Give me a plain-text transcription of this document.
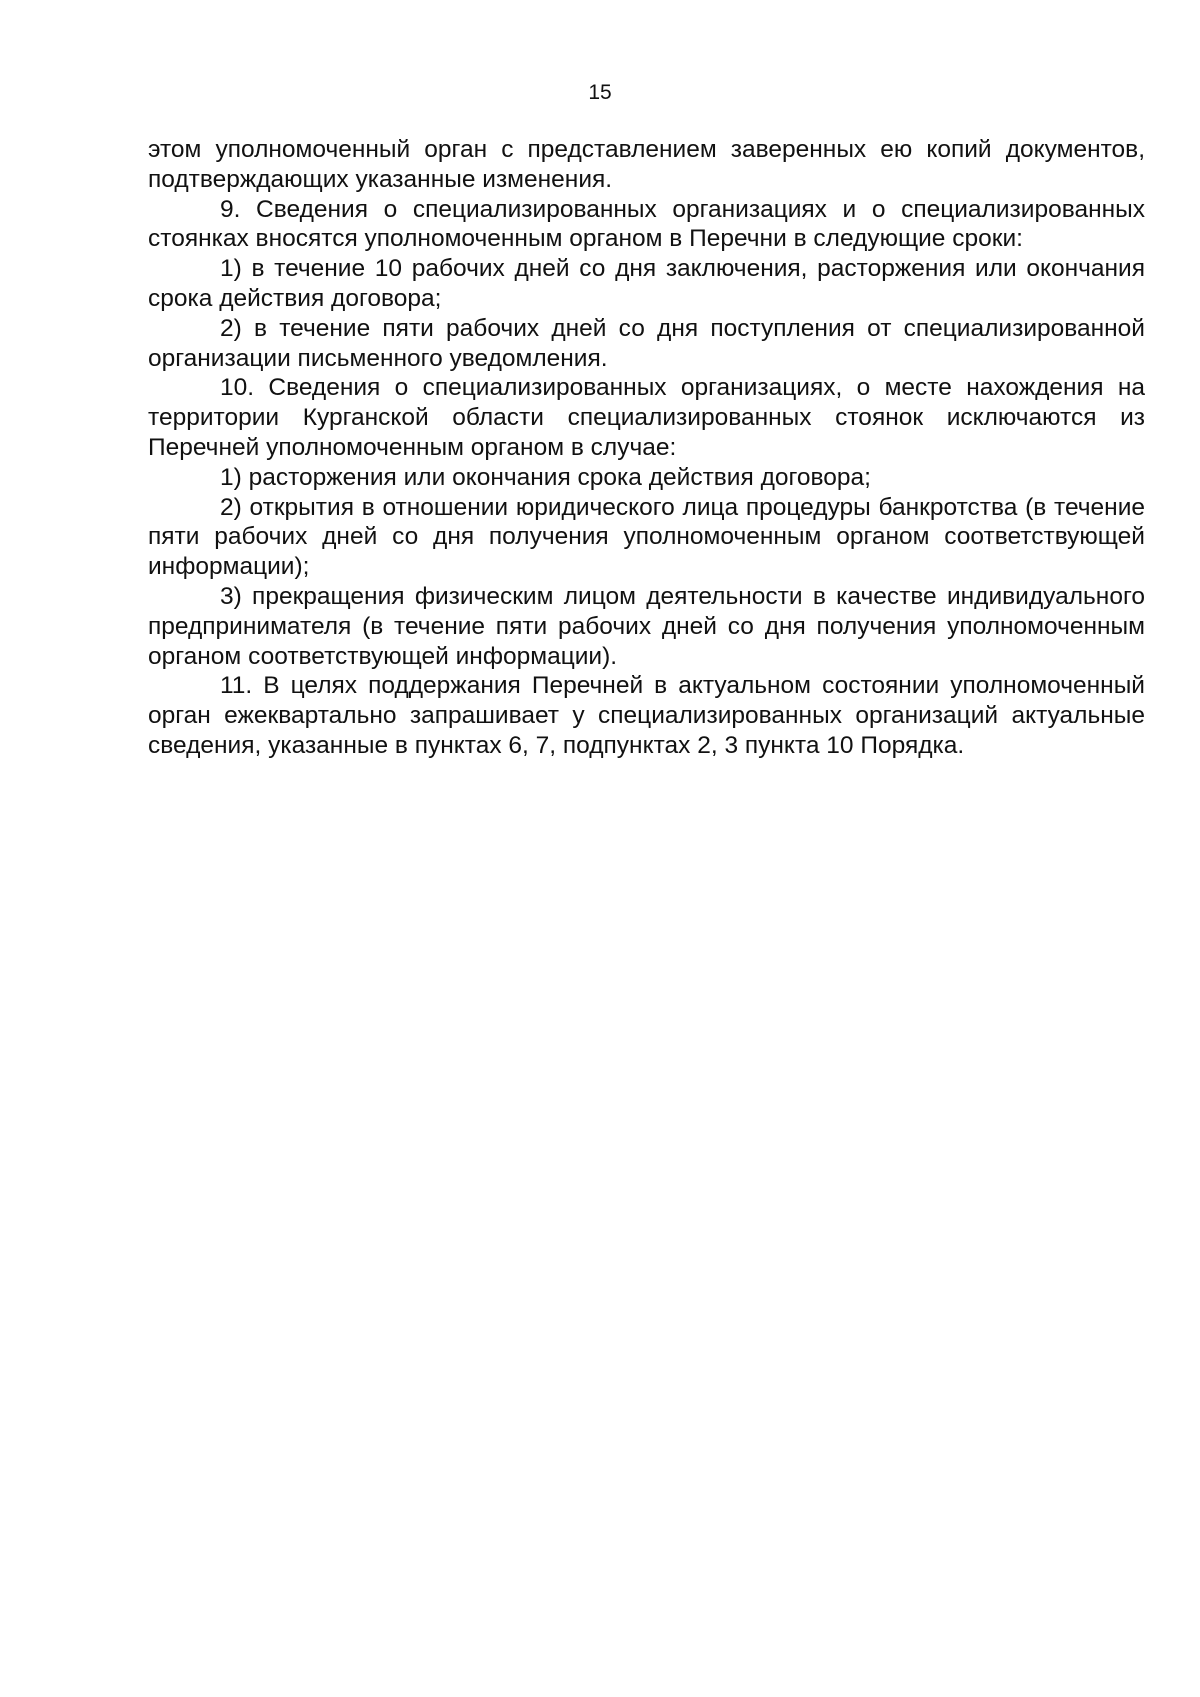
15

этом уполномоченный орган с представлением заверенных ею копий документов, подтверждающих указанные изменения.

9. Сведения о специализированных организациях и о специализированных стоянках вносятся уполномоченным органом в Перечни в следующие сроки:

1) в течение 10 рабочих дней со дня заключения, расторжения или окончания срока действия договора;

2) в течение пяти рабочих дней со дня поступления от специализированной организации письменного уведомления.

10. Сведения о специализированных организациях, о месте нахождения на территории Курганской области специализированных стоянок исключаются из Перечней уполномоченным органом в случае:

1) расторжения или окончания срока действия договора;

2) открытия в отношении юридического лица процедуры банкротства (в течение пяти рабочих дней со дня получения уполномоченным органом соответствующей информации);

3) прекращения физическим лицом деятельности в качестве индивидуального предпринимателя (в течение пяти рабочих дней со дня получения уполномоченным органом соответствующей информации).

11. В целях поддержания Перечней в актуальном состоянии уполномоченный орган ежеквартально запрашивает у специализированных организаций актуальные сведения, указанные в пунктах 6, 7, подпунктах 2, 3 пункта 10 Порядка.
